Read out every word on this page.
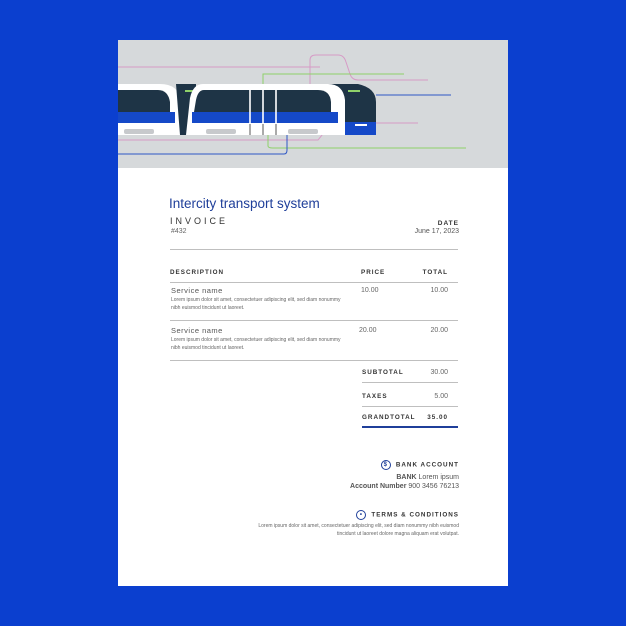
Intercity transport system
INVOICE
#432
DATE
June 17, 2023
DESCRIPTION	PRICE	TOTAL
Service name
Lorem ipsum dolor sit amet, consectetuer adipiscing elit, sed diam nonummy nibh euismod tincidunt ut laoreet.
10.00	10.00
Service name
Lorem ipsum dolor sit amet, consectetuer adipiscing elit, sed diam nonummy nibh euismod tincidunt ut laoreet.
20.00	20.00
SUBTOTAL	30.00
TAXES	5.00
GRANDTOTAL 35.00
$ BANK ACCOUNT
BANK Lorem ipsum
Account Number 900 3456 76213
• TERMS & CONDITIONS
Lorem ipsum dolor sit amet, consectetuer adipiscing elit, sed diam nonummy nibh euismod tincidunt ut laoreet dolore magna aliquam erat volutpat.
